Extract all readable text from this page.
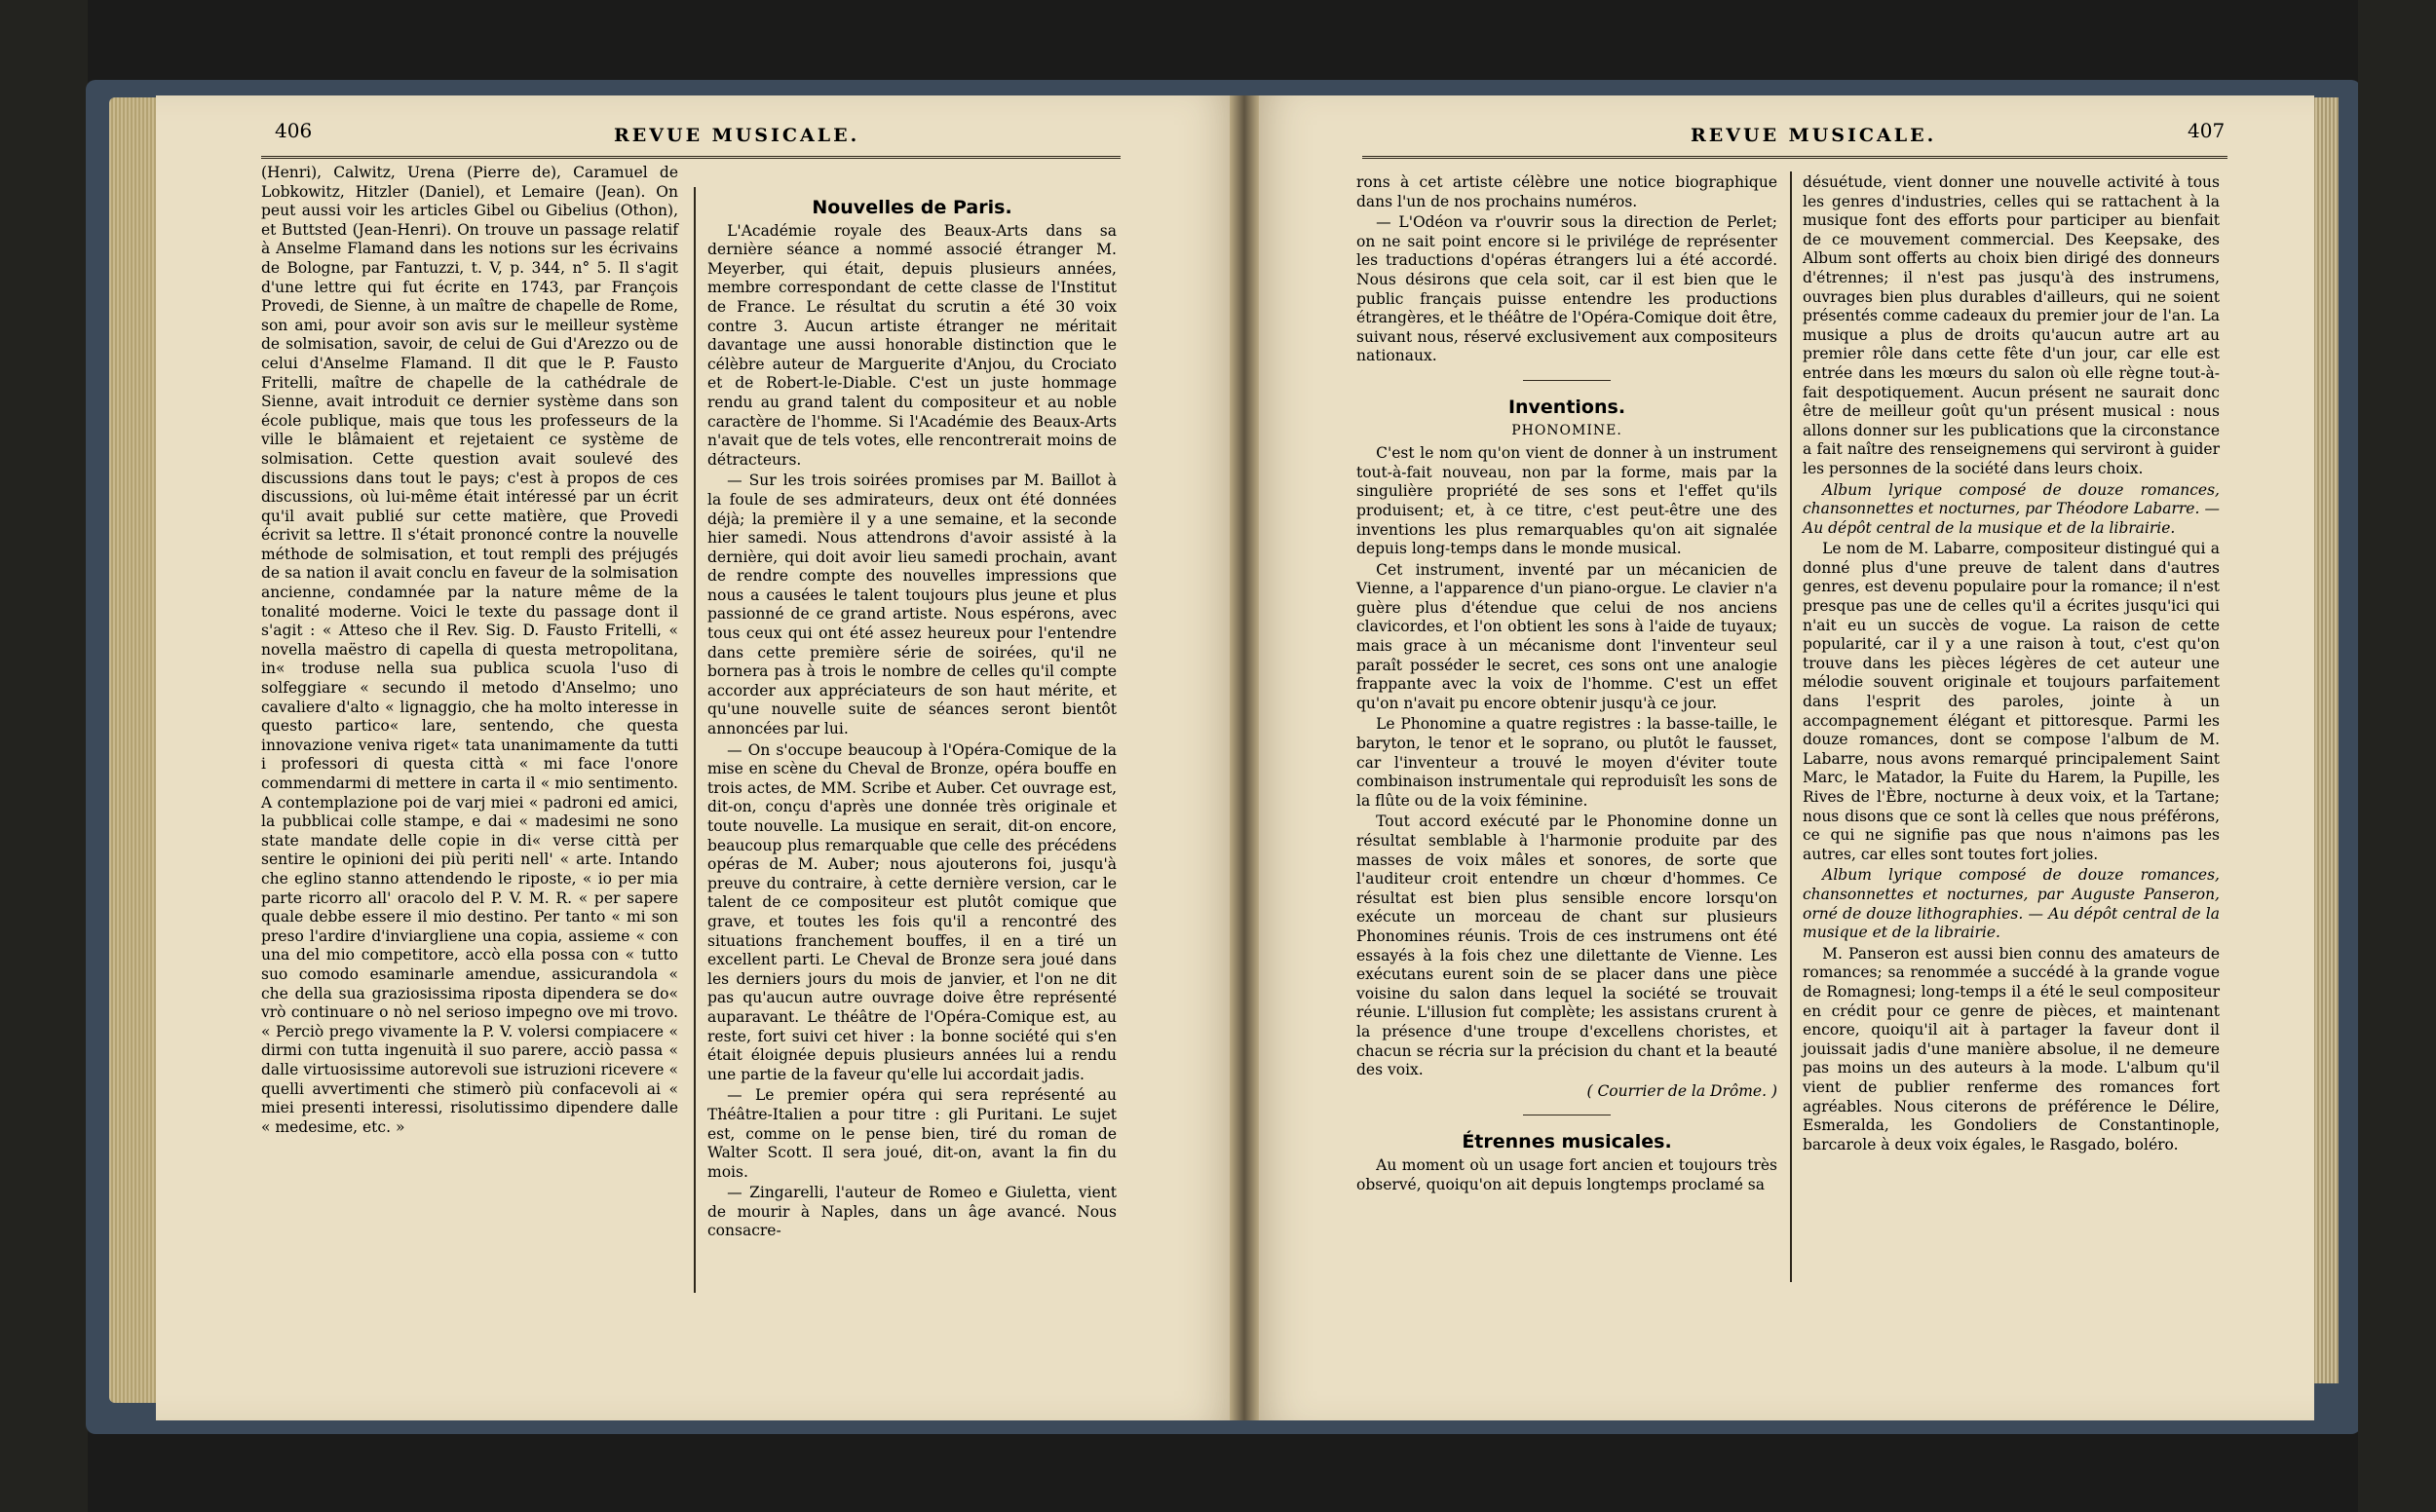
406	REVUE MUSICALE.

(Henri), Calwitz, Urena (Pierre de), Caramuel de Lobkowitz, Hitzler (Daniel), et Lemaire (Jean). On peut aussi voir les articles Gibel ou Gibelius (Othon), et Buttsted (Jean-Henri). On trouve un passage relatif à Anselme Flamand dans les notions sur les écrivains de Bologne, par Fantuzzi, t. V, p. 344, n° 5. Il s'agit d'une lettre qui fut écrite en 1743, par François Provedi, de Sienne, à un maître de chapelle de Rome, son ami, pour avoir son avis sur le meilleur système de solmisation, savoir, de celui de Gui d'Arezzo ou de celui d'Anselme Flamand. Il dit que le P. Fausto Fritelli, maître de chapelle de la cathédrale de Sienne, avait introduit ce dernier système dans son école publique, mais que tous les professeurs de la ville le blâmaient et rejetaient ce système de solmisation. Cette question avait soulevé des discussions dans tout le pays; c'est à propos de ces discussions, où lui-même était intéressé par un écrit qu'il avait publié sur cette matière, que Provedi écrivit sa lettre. Il s'était prononcé contre la nouvelle méthode de solmisation, et tout rempli des préjugés de sa nation il avait conclu en faveur de la solmisation ancienne, condamnée par la nature même de la tonalité moderne. Voici le texte du passage dont il s'agit : « Atteso che il Rev. Sig. D. Fausto Fritelli, « novella maëstro di capella di questa metropolitana, in« troduse nella sua publica scuola l'uso di solfeggiare « secundo il metodo d'Anselmo; uno cavaliere d'alto « lignaggio, che ha molto interesse in questo partico« lare, sentendo, che questa innovazione veniva riget« tata unanimamente da tutti i professori di questa città « mi face l'onore commendarmi di mettere in carta il « mio sentimento. A contemplazione poi de varj miei « padroni ed amici, la pubblicai colle stampe, e dai « madesimi ne sono state mandate delle copie in di« verse città per sentire le opinioni dei più periti nell' « arte. Intando che eglino stanno attendendo le riposte, « io per mia parte ricorro all' oracolo del P. V. M. R. « per sapere quale debbe essere il mio destino. Per tanto « mi son preso l'ardire d'inviargliene una copia, assieme « con una del mio competitore, accò ella possa con « tutto suo comodo esaminarle amendue, assicurandola « che della sua graziosissima riposta dipendera se do« vrò continuare o nò nel serioso impegno ove mi trovo. « Perciò prego vivamente la P. V. volersi compiacere « dirmi con tutta ingenuità il suo parere, acciò passa « dalle virtuosissime autorevoli sue istruzioni ricevere « quelli avvertimenti che stimerò più confacevoli ai « miei presenti interessi, risolutissimo dipendere dalle « medesime, etc. »

Nouvelles de Paris.

L'Académie royale des Beaux-Arts dans sa dernière séance a nommé associé étranger M. Meyerber, qui était, depuis plusieurs années, membre correspondant de cette classe de l'Institut de France. Le résultat du scrutin a été 30 voix contre 3. Aucun artiste étranger ne méritait davantage une aussi honorable distinction que le célèbre auteur de Marguerite d'Anjou, du Crociato et de Robert-le-Diable. C'est un juste hommage rendu au grand talent du compositeur et au noble caractère de l'homme. Si l'Académie des Beaux-Arts n'avait que de tels votes, elle rencontrerait moins de détracteurs.

— Sur les trois soirées promises par M. Baillot à la foule de ses admirateurs, deux ont été données déjà; la première il y a une semaine, et la seconde hier samedi. Nous attendrons d'avoir assisté à la dernière, qui doit avoir lieu samedi prochain, avant de rendre compte des nouvelles impressions que nous a causées le talent toujours plus jeune et plus passionné de ce grand artiste. Nous espérons, avec tous ceux qui ont été assez heureux pour l'entendre dans cette première série de soirées, qu'il ne bornera pas à trois le nombre de celles qu'il compte accorder aux appréciateurs de son haut mérite, et qu'une nouvelle suite de séances seront bientôt annoncées par lui.

— On s'occupe beaucoup à l'Opéra-Comique de la mise en scène du Cheval de Bronze, opéra bouffe en trois actes, de MM. Scribe et Auber. Cet ouvrage est, dit-on, conçu d'après une donnée très originale et toute nouvelle. La musique en serait, dit-on encore, beaucoup plus remarquable que celle des précédens opéras de M. Auber; nous ajouterons foi, jusqu'à preuve du contraire, à cette dernière version, car le talent de ce compositeur est plutôt comique que grave, et toutes les fois qu'il a rencontré des situations franchement bouffes, il en a tiré un excellent parti. Le Cheval de Bronze sera joué dans les derniers jours du mois de janvier, et l'on ne dit pas qu'aucun autre ouvrage doive être représenté auparavant. Le théâtre de l'Opéra-Comique est, au reste, fort suivi cet hiver : la bonne société qui s'en était éloignée depuis plusieurs années lui a rendu une partie de la faveur qu'elle lui accordait jadis.

— Le premier opéra qui sera représenté au Théâtre-Italien a pour titre : gli Puritani. Le sujet est, comme on le pense bien, tiré du roman de Walter Scott. Il sera joué, dit-on, avant la fin du mois.

— Zingarelli, l'auteur de Romeo e Giuletta, vient de mourir à Naples, dans un âge avancé. Nous consacre-

REVUE MUSICALE.	407

rons à cet artiste célèbre une notice biographique dans l'un de nos prochains numéros.

— L'Odéon va r'ouvrir sous la direction de Perlet; on ne sait point encore si le privilége de représenter les traductions d'opéras étrangers lui a été accordé. Nous désirons que cela soit, car il est bien que le public français puisse entendre les productions étrangères, et le théâtre de l'Opéra-Comique doit être, suivant nous, réservé exclusivement aux compositeurs nationaux.

Inventions.
PHONOMINE.

C'est le nom qu'on vient de donner à un instrument tout-à-fait nouveau, non par la forme, mais par la singulière propriété de ses sons et l'effet qu'ils produisent; et, à ce titre, c'est peut-être une des inventions les plus remarquables qu'on ait signalée depuis long-temps dans le monde musical.

Cet instrument, inventé par un mécanicien de Vienne, a l'apparence d'un piano-orgue. Le clavier n'a guère plus d'étendue que celui de nos anciens clavicordes, et l'on obtient les sons à l'aide de tuyaux; mais grace à un mécanisme dont l'inventeur seul paraît posséder le secret, ces sons ont une analogie frappante avec la voix de l'homme. C'est un effet qu'on n'avait pu encore obtenir jusqu'à ce jour.

Le Phonomine a quatre registres : la basse-taille, le baryton, le tenor et le soprano, ou plutôt le fausset, car l'inventeur a trouvé le moyen d'éviter toute combinaison instrumentale qui reproduisît les sons de la flûte ou de la voix féminine.

Tout accord exécuté par le Phonomine donne un résultat semblable à l'harmonie produite par des masses de voix mâles et sonores, de sorte que l'auditeur croit entendre un chœur d'hommes. Ce résultat est bien plus sensible encore lorsqu'on exécute un morceau de chant sur plusieurs Phonomines réunis. Trois de ces instrumens ont été essayés à la fois chez une dilettante de Vienne. Les exécutans eurent soin de se placer dans une pièce voisine du salon dans lequel la société se trouvait réunie. L'illusion fut complète; les assistans crurent à la présence d'une troupe d'excellens choristes, et chacun se récria sur la précision du chant et la beauté des voix.

( Courrier de la Drôme. )
Étrennes musicales.

Au moment où un usage fort ancien et toujours très observé, quoiqu'on ait depuis longtemps proclamé sa

désuétude, vient donner une nouvelle activité à tous les genres d'industries, celles qui se rattachent à la musique font des efforts pour participer au bienfait de ce mouvement commercial. Des Keepsake, des Album sont offerts au choix bien dirigé des donneurs d'étrennes; il n'est pas jusqu'à des instrumens, ouvrages bien plus durables d'ailleurs, qui ne soient présentés comme cadeaux du premier jour de l'an. La musique a plus de droits qu'aucun autre art au premier rôle dans cette fête d'un jour, car elle est entrée dans les mœurs du salon où elle règne tout-à-fait despotiquement. Aucun présent ne saurait donc être de meilleur goût qu'un présent musical : nous allons donner sur les publications que la circonstance a fait naître des renseignemens qui serviront à guider les personnes de la société dans leurs choix.

Album lyrique composé de douze romances, chansonnettes et nocturnes, par Théodore Labarre. — Au dépôt central de la musique et de la librairie.

Le nom de M. Labarre, compositeur distingué qui a donné plus d'une preuve de talent dans d'autres genres, est devenu populaire pour la romance; il n'est presque pas une de celles qu'il a écrites jusqu'ici qui n'ait eu un succès de vogue. La raison de cette popularité, car il y a une raison à tout, c'est qu'on trouve dans les pièces légères de cet auteur une mélodie souvent originale et toujours parfaitement dans l'esprit des paroles, jointe à un accompagnement élégant et pittoresque. Parmi les douze romances, dont se compose l'album de M. Labarre, nous avons remarqué principalement Saint Marc, le Matador, la Fuite du Harem, la Pupille, les Rives de l'Èbre, nocturne à deux voix, et la Tartane; nous disons que ce sont là celles que nous préférons, ce qui ne signifie pas que nous n'aimons pas les autres, car elles sont toutes fort jolies.

Album lyrique composé de douze romances, chansonnettes et nocturnes, par Auguste Panseron, orné de douze lithographies. — Au dépôt central de la musique et de la librairie.

M. Panseron est aussi bien connu des amateurs de romances; sa renommée a succédé à la grande vogue de Romagnesi; long-temps il a été le seul compositeur en crédit pour ce genre de pièces, et maintenant encore, quoiqu'il ait à partager la faveur dont il jouissait jadis d'une manière absolue, il ne demeure pas moins un des auteurs à la mode. L'album qu'il vient de publier renferme des romances fort agréables. Nous citerons de préférence le Délire, Esmeralda, les Gondoliers de Constantinople, barcarole à deux voix égales, le Rasgado, boléro.
